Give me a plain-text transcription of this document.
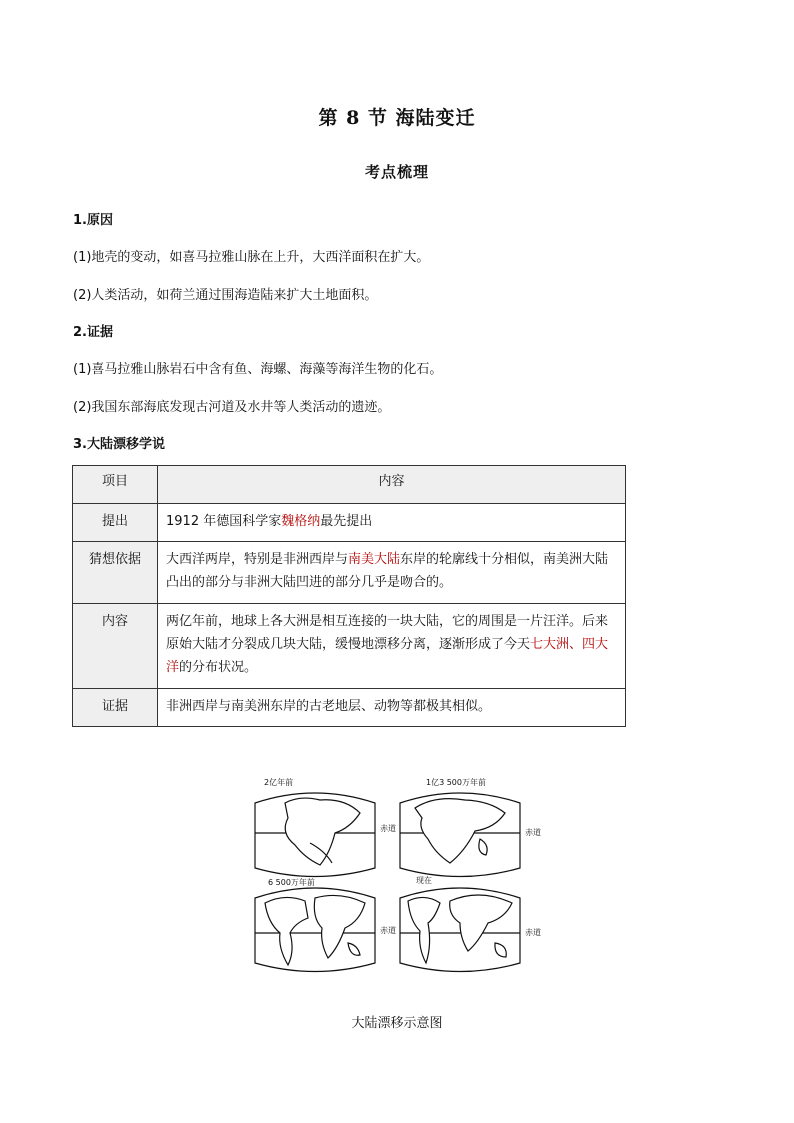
第 8 节 海陆变迁
考点梳理
1.原因
(1)地壳的变动，如喜马拉雅山脉在上升，大西洋面积在扩大。
(2)人类活动，如荷兰通过围海造陆来扩大土地面积。
2.证据
(1)喜马拉雅山脉岩石中含有鱼、海螺、海藻等海洋生物的化石。
(2)我国东部海底发现古河道及水井等人类活动的遗迹。
3.大陆漂移学说
项目	内容
提出	1912 年德国科学家魏格纳最先提出
猜想依据	大西洋两岸，特别是非洲西岸与南美大陆东岸的轮廓线十分相似，南美洲大陆凸出的部分与非洲大陆凹进的部分几乎是吻合的。
内容	两亿年前，地球上各大洲是相互连接的一块大陆，它的周围是一片汪洋。后来原始大陆才分裂成几块大陆，缓慢地漂移分离，逐渐形成了今天七大洲、四大洋的分布状况。
证据	非洲西岸与南美洲东岸的古老地层、动物等都极其相似。
2亿年前
赤道
1亿3 500万年前
赤道
6 500万年前
赤道
现在
赤道
大陆漂移示意图
